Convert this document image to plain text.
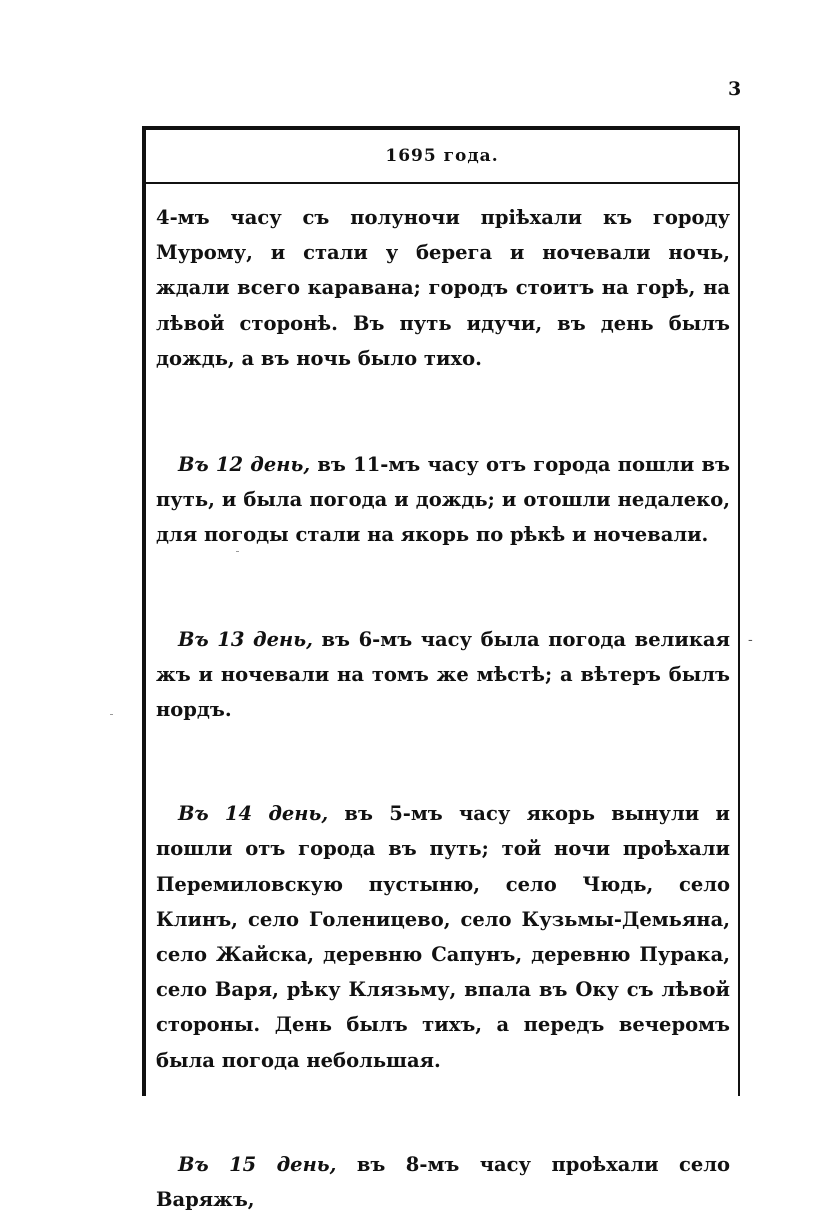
3
1695 года.

4-мъ часу съ полуночи пріѣхали къ городу Мурому, и стали у берега и ночевали ночь, ждали всего каравана; городъ стоитъ на горѣ, на лѣвой сторонѣ. Въ путь идучи, въ день былъ дождь, а въ ночь было тихо.

Въ 12 день, въ 11-мъ часу отъ города пошли въ путь, и была погода и дождь; и отошли недалеко, для погоды стали на якорь по рѣкѣ и ночевали.

Въ 13 день, въ 6-мъ часу была погода великая жъ и ночевали на томъ же мѣстѣ; а вѣтеръ былъ нордъ.

Въ 14 день, въ 5-мъ часу якорь вынули и пошли отъ города въ путь; той ночи проѣхали Перемиловскую пустыню, село Чюдь, село Клинъ, село Голеницево, село Кузьмы-Демьяна, село Жайска, деревню Сапунъ, деревню Пурака, село Варя, рѣку Клязьму, впала въ Оку съ лѣвой стороны. День былъ тихъ, а передъ вечеромъ была погода небольшая.

Въ 15 день, въ 8-мъ часу проѣхали село Варяжъ,

-
